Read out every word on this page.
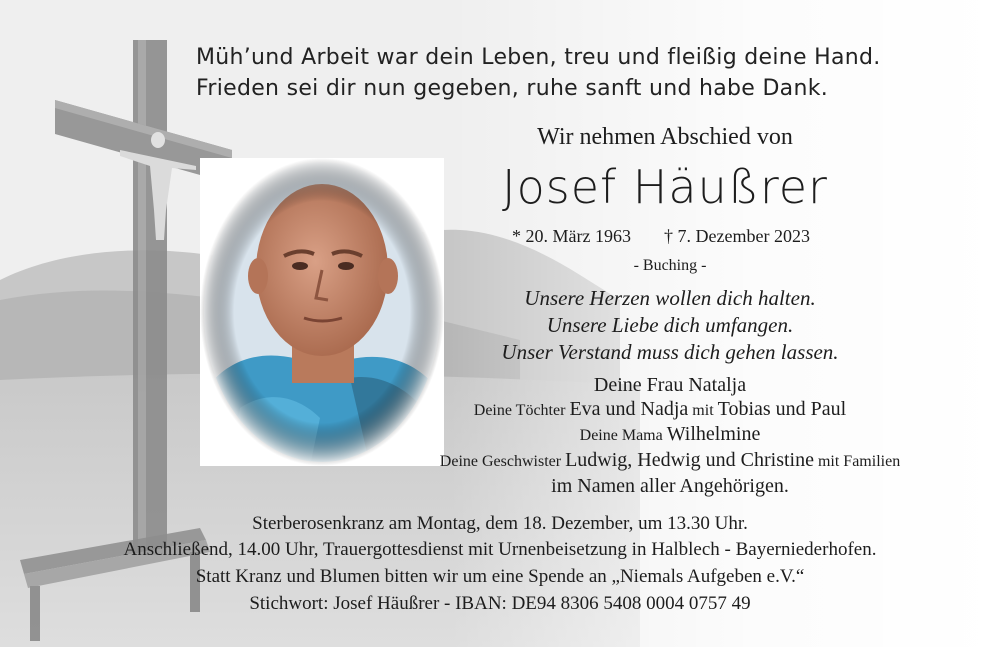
Müh’und Arbeit war dein Leben, treu und fleißig deine Hand.

Frieden sei dir nun gegeben, ruhe sanft und habe Dank.

Wir nehmen Abschied von

Josef Häußrer

* 20. März 1963 † 7. Dezember 2023

- Buching -

Unsere Herzen wollen dich halten.

Unsere Liebe dich umfangen.

Unser Verstand muss dich gehen lassen.

Deine Frau Natalja

Deine Töchter Eva und Nadja mit Tobias und Paul

Deine Mama Wilhelmine

Deine Geschwister Ludwig, Hedwig und Christine mit Familien

im Namen aller Angehörigen.

Sterberosenkranz am Montag, dem 18. Dezember, um 13.30 Uhr.

Anschließend, 14.00 Uhr, Trauergottesdienst mit Urnenbeisetzung in Halblech - Bayerniederhofen.

Statt Kranz und Blumen bitten wir um eine Spende an „Niemals Aufgeben e.V.“

Stichwort: Josef Häußrer - IBAN: DE94 8306 5408 0004 0757 49
